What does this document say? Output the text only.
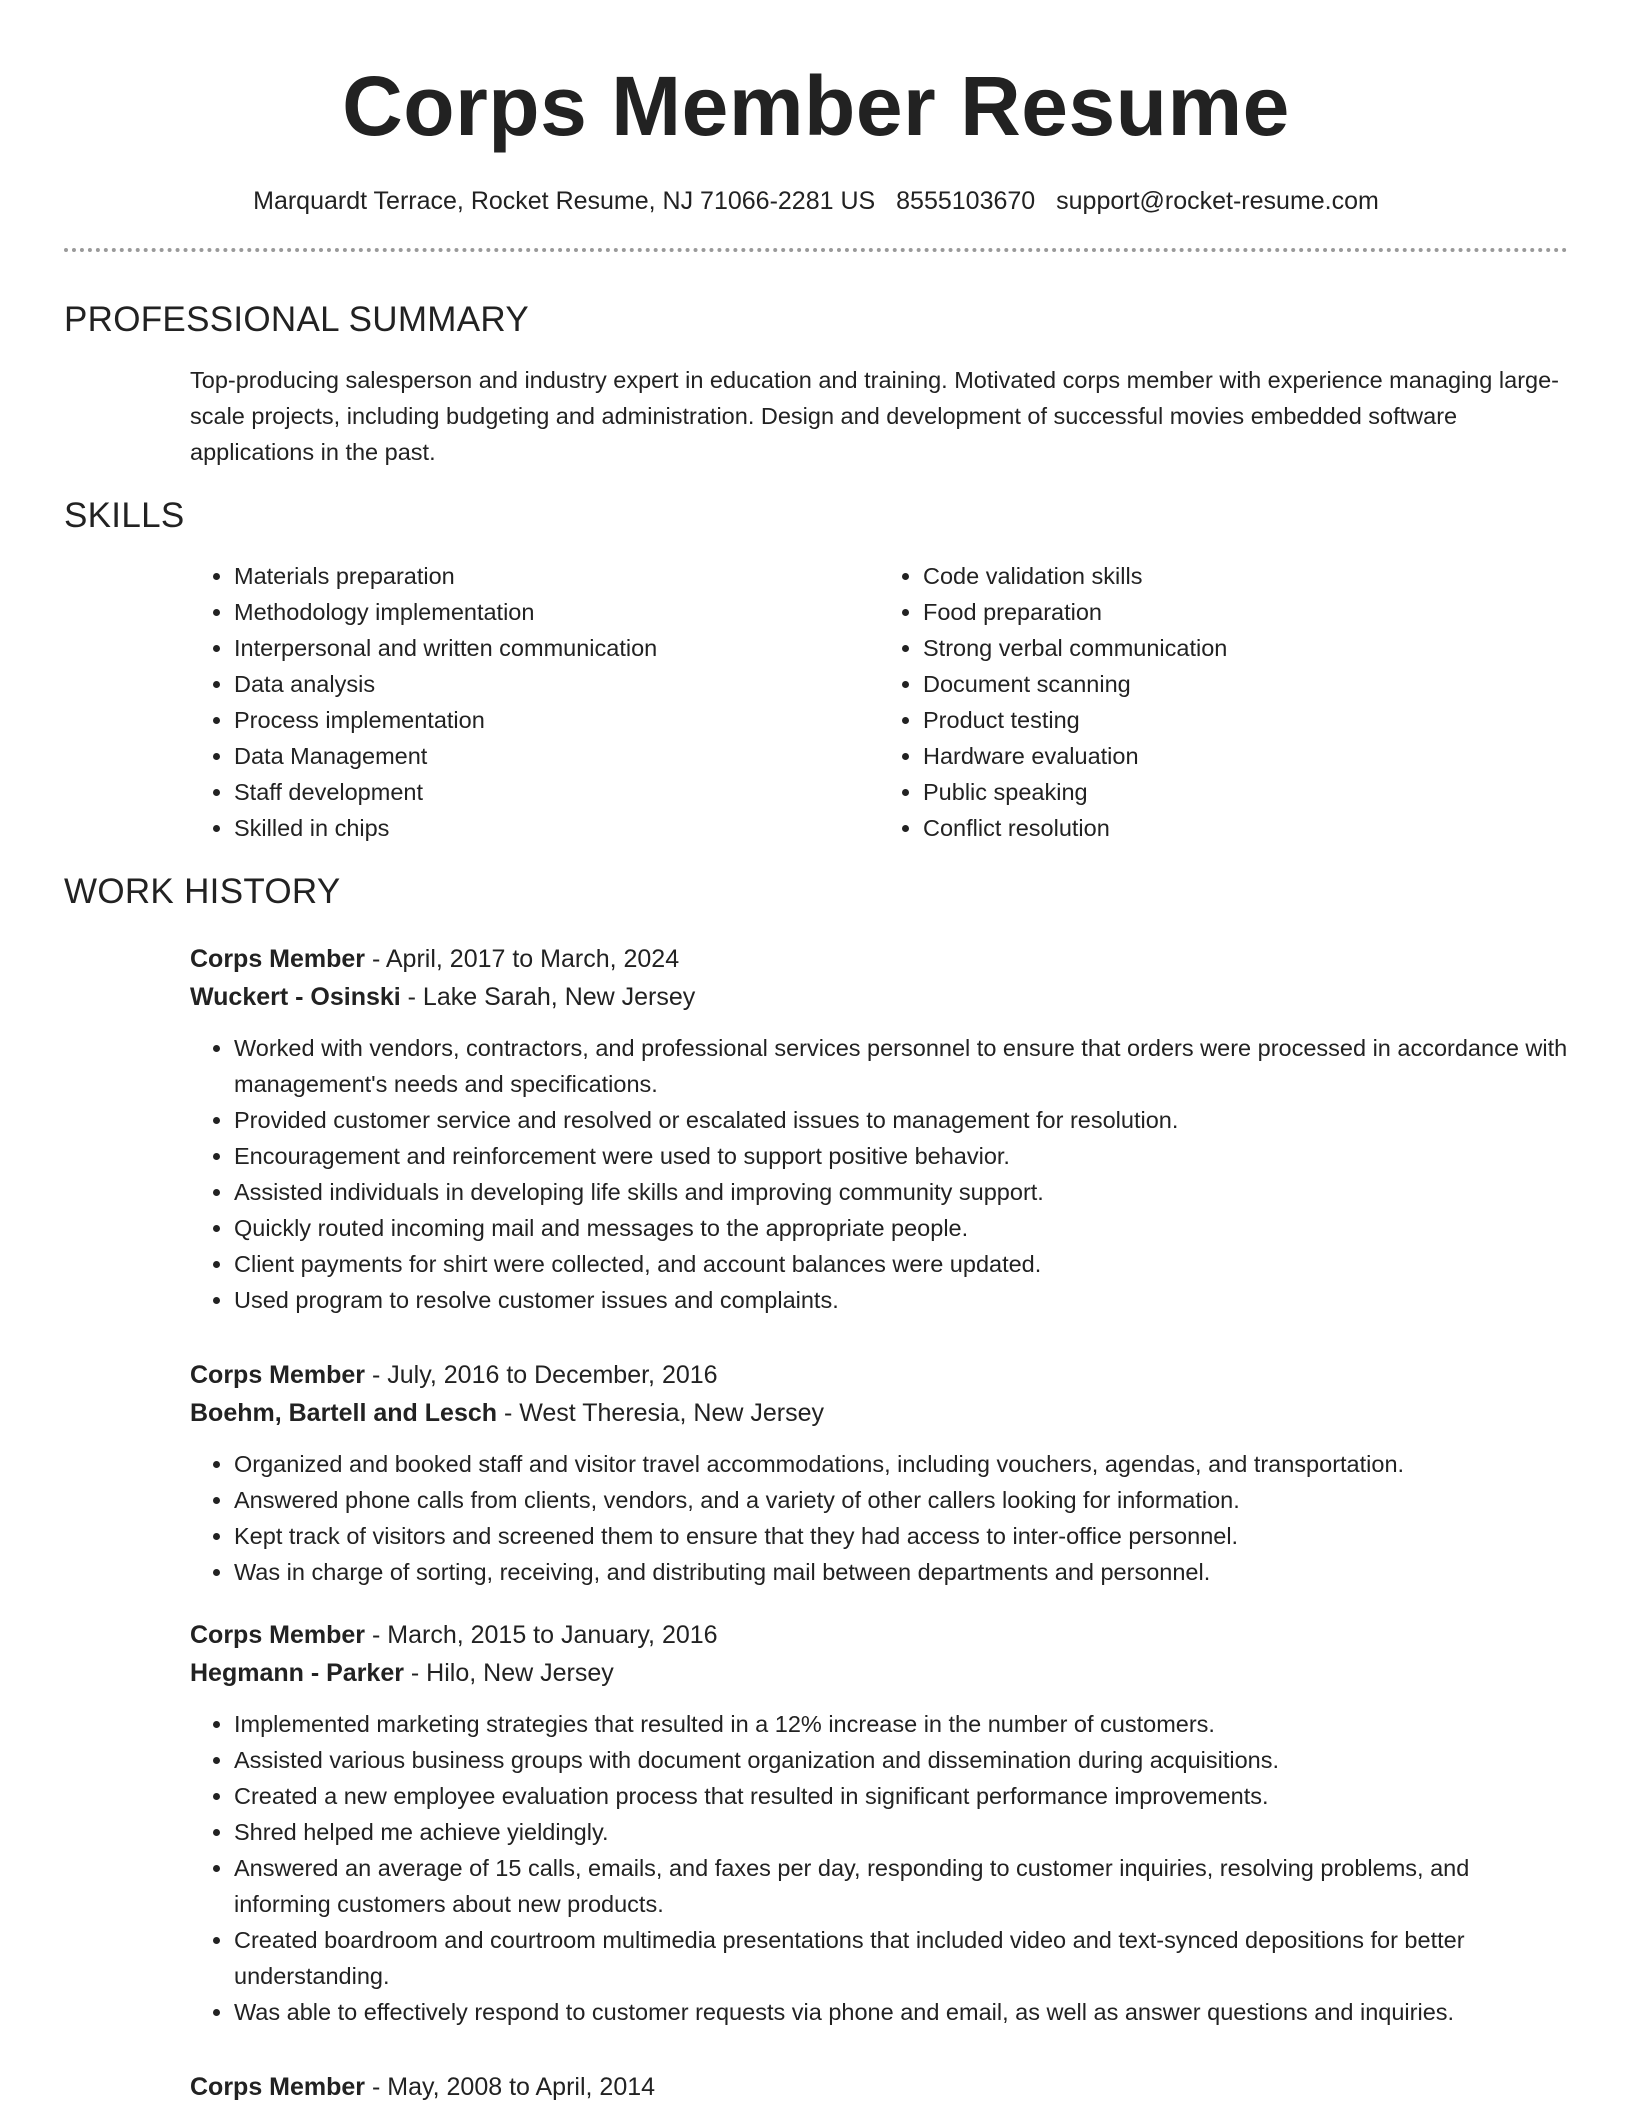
Corps Member Resume
Marquardt Terrace, Rocket Resume, NJ 71066-2281 US 8555103670 support@rocket-resume.com
PROFESSIONAL SUMMARY
Top-producing salesperson and industry expert in education and training. Motivated corps member with experience managing large-scale projects, including budgeting and administration. Design and development of successful movies embedded software applications in the past.
SKILLS
• Materials preparation
• Methodology implementation
• Interpersonal and written communication
• Data analysis
• Process implementation
• Data Management
• Staff development
• Skilled in chips
• Code validation skills
• Food preparation
• Strong verbal communication
• Document scanning
• Product testing
• Hardware evaluation
• Public speaking
• Conflict resolution
WORK HISTORY

Corps Member - April, 2017 to March, 2024

Wuckert - Osinski - Lake Sarah, New Jersey

• Worked with vendors, contractors, and professional services personnel to ensure that orders were processed in accordance with management's needs and specifications.
• Provided customer service and resolved or escalated issues to management for resolution.
• Encouragement and reinforcement were used to support positive behavior.
• Assisted individuals in developing life skills and improving community support.
• Quickly routed incoming mail and messages to the appropriate people.
• Client payments for shirt were collected, and account balances were updated.
• Used program to resolve customer issues and complaints.

Corps Member - July, 2016 to December, 2016

Boehm, Bartell and Lesch - West Theresia, New Jersey

• Organized and booked staff and visitor travel accommodations, including vouchers, agendas, and transportation.
• Answered phone calls from clients, vendors, and a variety of other callers looking for information.
• Kept track of visitors and screened them to ensure that they had access to inter-office personnel.
• Was in charge of sorting, receiving, and distributing mail between departments and personnel.

Corps Member - March, 2015 to January, 2016

Hegmann - Parker - Hilo, New Jersey

• Implemented marketing strategies that resulted in a 12% increase in the number of customers.
• Assisted various business groups with document organization and dissemination during acquisitions.
• Created a new employee evaluation process that resulted in significant performance improvements.
• Shred helped me achieve yieldingly.
• Answered an average of 15 calls, emails, and faxes per day, responding to customer inquiries, resolving problems, and informing customers about new products.
• Created boardroom and courtroom multimedia presentations that included video and text-synced depositions for better understanding.
• Was able to effectively respond to customer requests via phone and email, as well as answer questions and inquiries.

Corps Member - May, 2008 to April, 2014
